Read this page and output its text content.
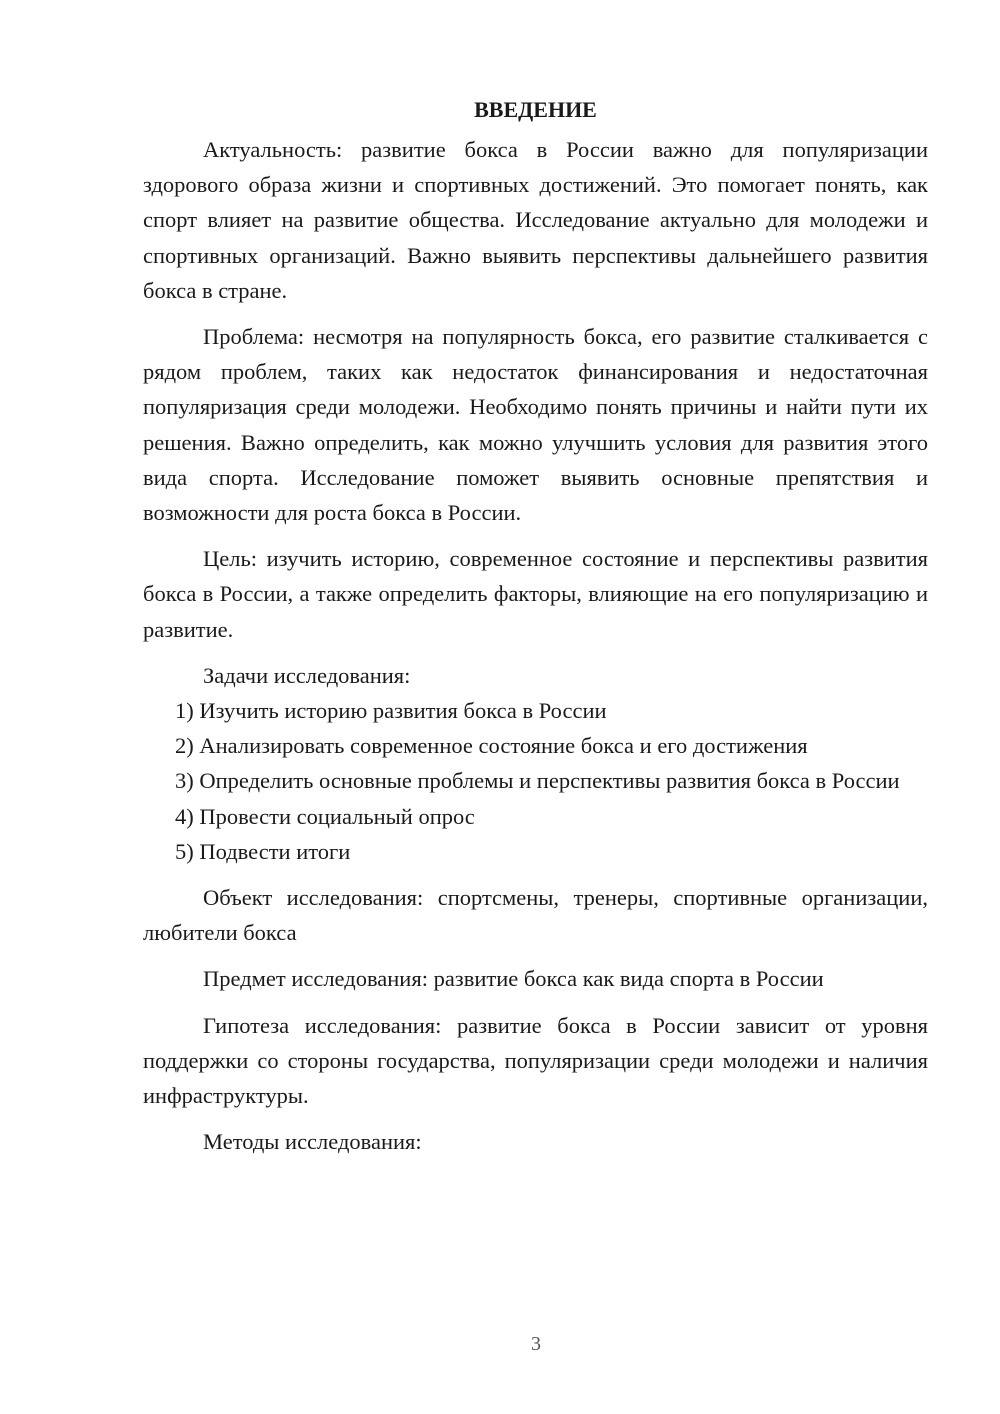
ВВЕДЕНИЕ

Актуальность: развитие бокса в России важно для популяризации здорового образа жизни и спортивных достижений. Это помогает понять, как спорт влияет на развитие общества. Исследование актуально для молодежи и спортивных организаций. Важно выявить перспективы дальнейшего развития бокса в стране.

Проблема: несмотря на популярность бокса, его развитие сталкивается с рядом проблем, таких как недостаток финансирования и недостаточная популяризация среди молодежи. Необходимо понять причины и найти пути их решения. Важно определить, как можно улучшить условия для развития этого вида спорта. Исследование поможет выявить основные препятствия и возможности для роста бокса в России.

Цель: изучить историю, современное состояние и перспективы развития бокса в России, а также определить факторы, влияющие на его популяризацию и развитие.

Задачи исследования:

1) Изучить историю развития бокса в России

2) Анализировать современное состояние бокса и его достижения

3) Определить основные проблемы и перспективы развития бокса в России

4) Провести социальный опрос

5) Подвести итоги

Объект исследования: спортсмены, тренеры, спортивные организации, любители бокса

Предмет исследования: развитие бокса как вида спорта в России

Гипотеза исследования: развитие бокса в России зависит от уровня поддержки со стороны государства, популяризации среди молодежи и наличия инфраструктуры.

Методы исследования:

3
